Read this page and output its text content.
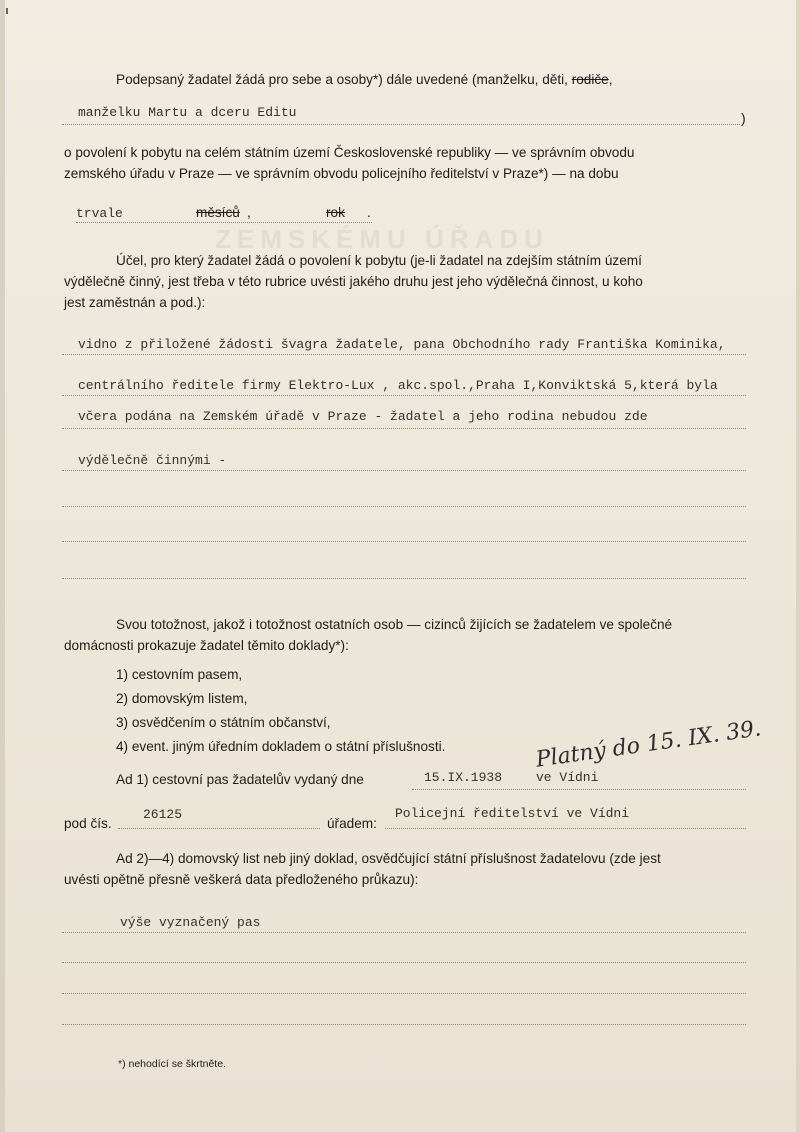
ZEMSKÉMU ÚŘADU
Podepsaný žadatel žádá pro sebe a osoby*) dále uvedené (manželku, děti, rodiče,
manželku Martu a dceru Editu	)
o povolení k pobytu na celém státním území Československé republiky — ve správním obvodu
zemského úřadu v Praze — ve správním obvodu policejního ředitelství v Praze*) — na dobu
trvale	měsíců ,	rok .
Účel, pro který žadatel žádá o povolení k pobytu (je-li žadatel na zdejším státním území
výdělečně činný, jest třeba v této rubrice uvésti jakého druhu jest jeho výdělečná činnost, u koho
jest zaměstnán a pod.):
vidno z přiložené žádosti švagra žadatele, pana Obchodního rady Františka Kominika,
centrálního ředitele firmy Elektro-Lux , akc.spol.,Praha I,Konviktská 5,která byla
včera podána na Zemském úřadě v Praze - žadatel a jeho rodina nebudou zde
výdělečně činnými -
Svou totožnost, jakož i totožnost ostatních osob — cizinců žijících se žadatelem ve společné
domácnosti prokazuje žadatel těmito doklady*):
1) cestovním pasem,
2) domovským listem,
3) osvědčením o státním občanství,
4) event. jiným úředním dokladem o státní příslušnosti.	Platný do 15. IX. 39.
Ad 1) cestovní pas žadatelův vydaný dne	15.IX.1938	ve Vídni
pod čís.
26125
úřadem:
Policejní ředitelství ve Vídni
Ad 2)—4) domovský list neb jiný doklad, osvědčující státní příslušnost žadatelovu (zde jest
uvésti opětně přesně veškerá data předloženého průkazu):
výše vyznačený pas
*) nehodící se škrtněte.
